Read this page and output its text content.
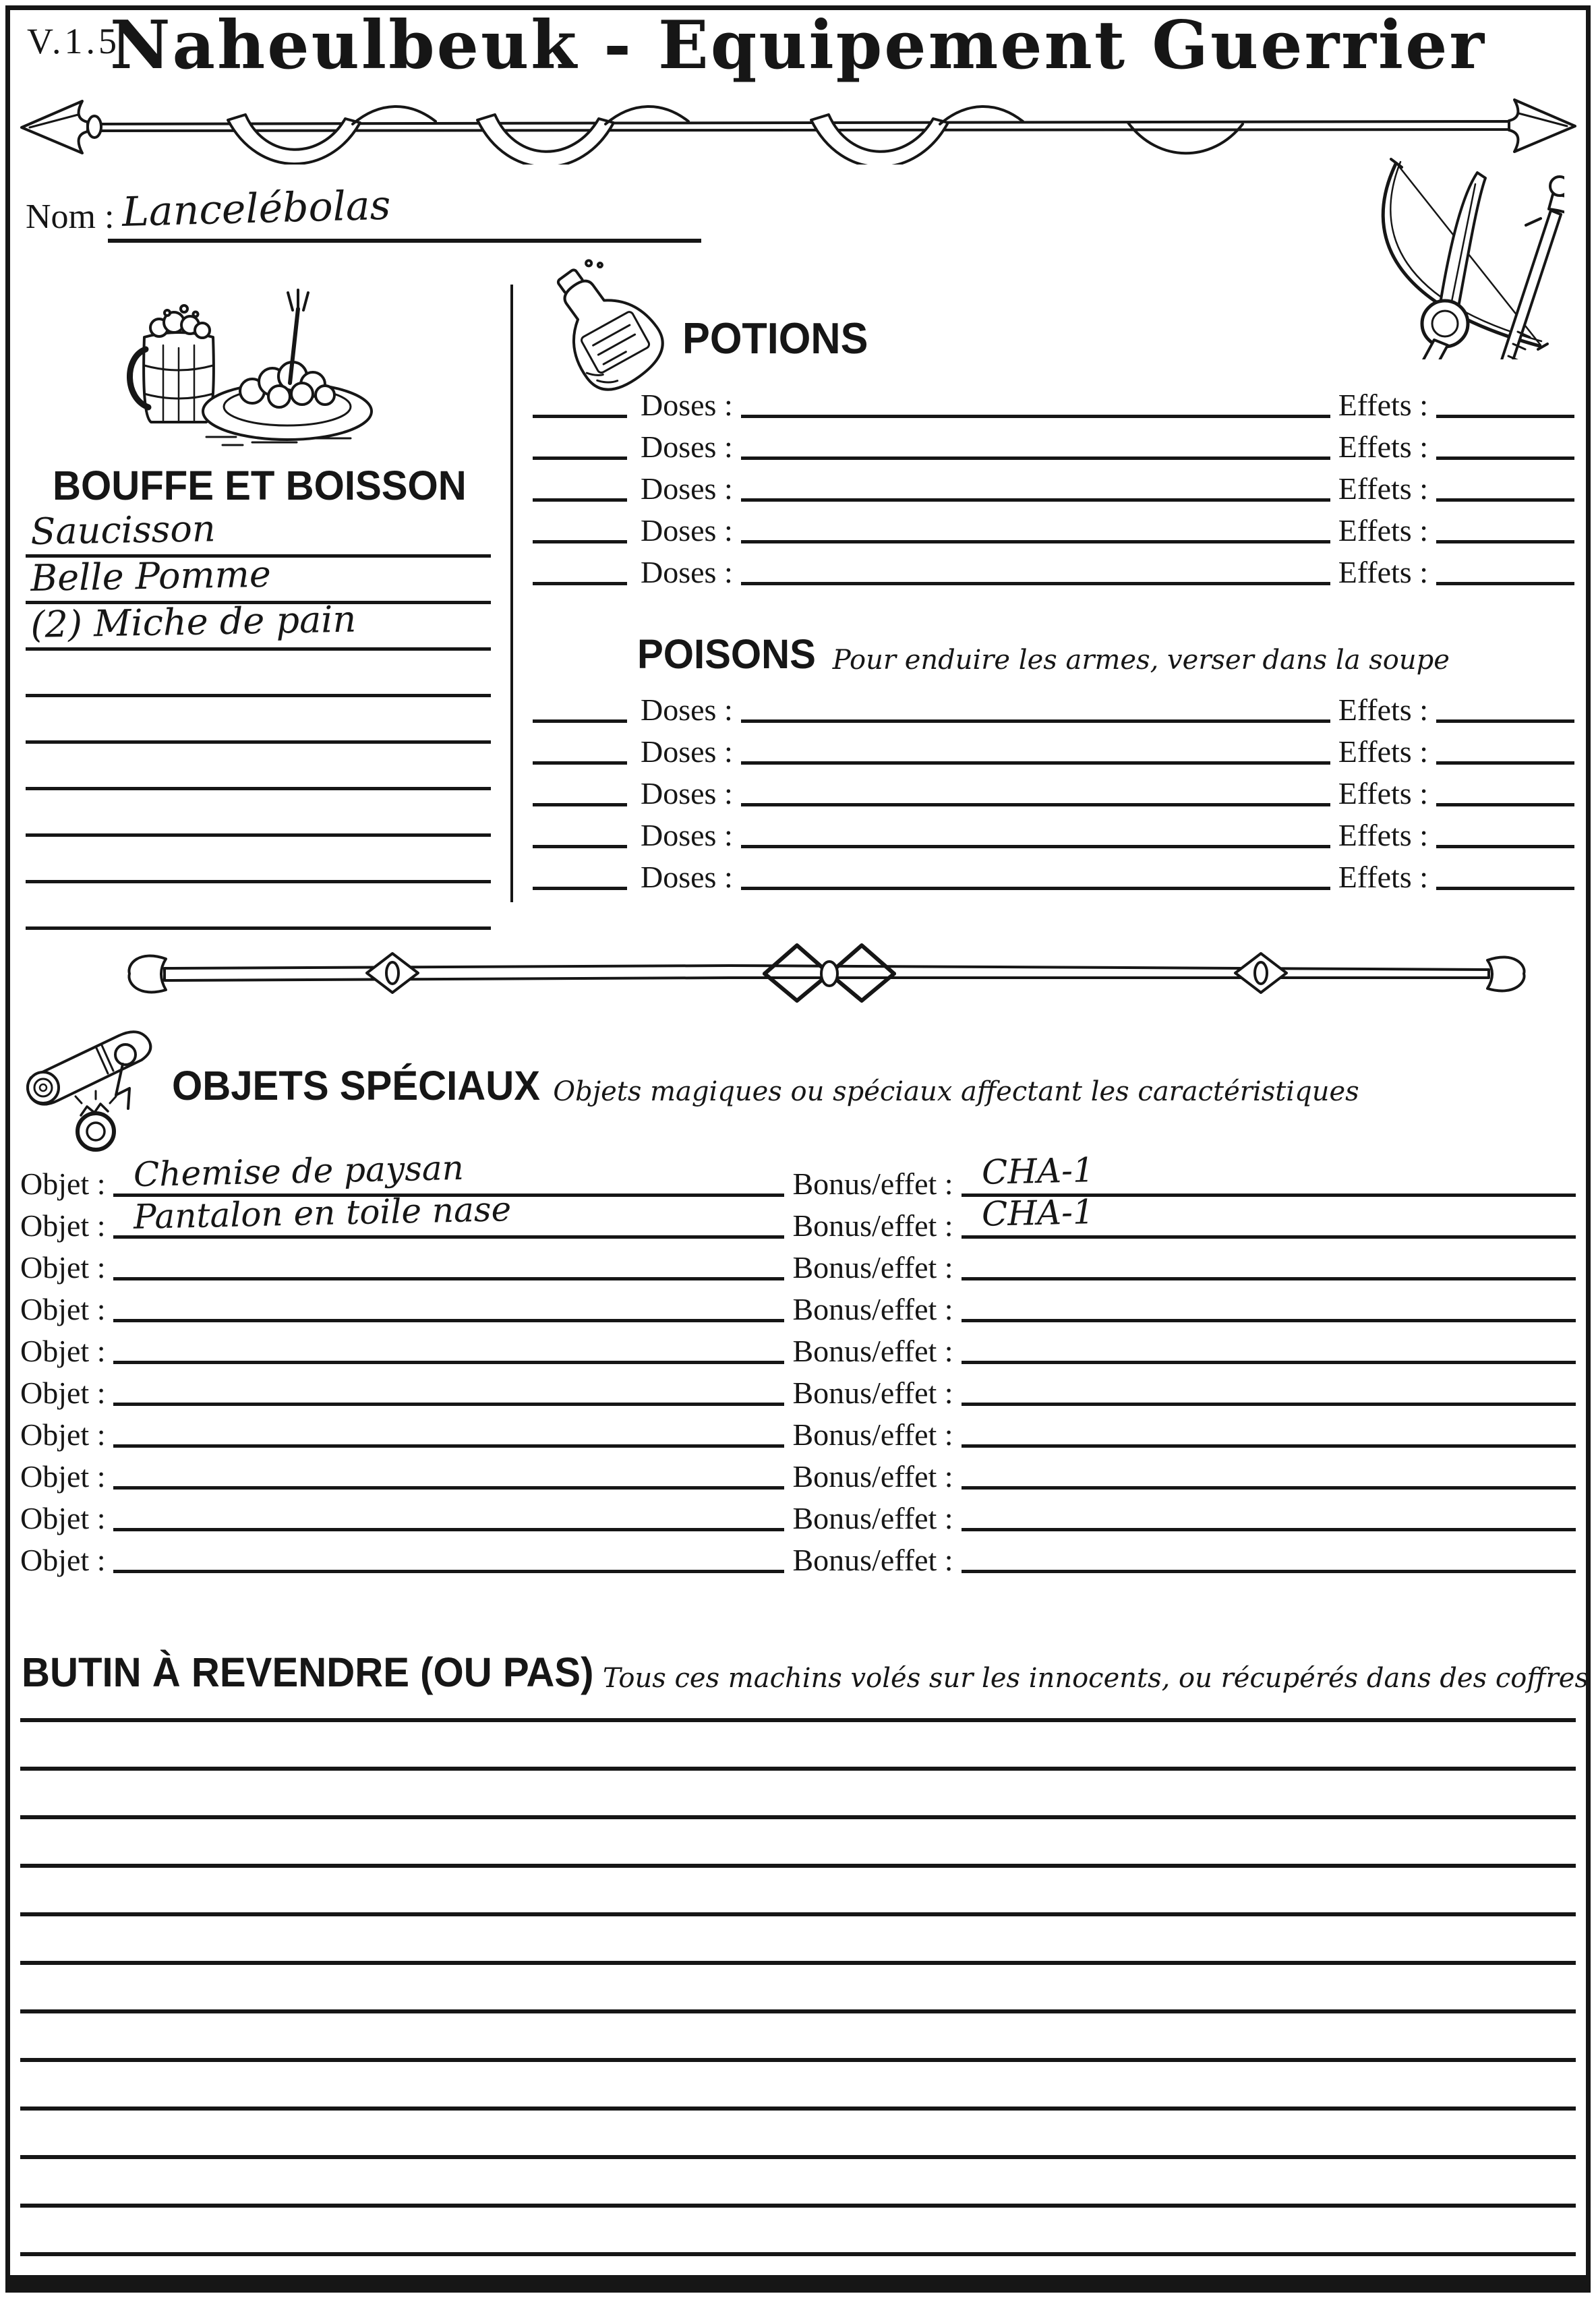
V.1.5
Naheulbeuk - Equipement Guerrier
Nom : Lancelébolas
BOUFFE ET BOISSON
Saucisson
Belle Pomme
(2) Miche de pain
POTIONS
Doses :	Effets :
Doses :	Effets :
Doses :	Effets :
Doses :	Effets :
Doses :	Effets :
POISONS Pour enduire les armes, verser dans la soupe
Doses :	Effets :
Doses :	Effets :
Doses :	Effets :
Doses :	Effets :
Doses :	Effets :
OBJETS SPÉCIAUX Objets magiques ou spéciaux affectant les caractéristiques
Objet : Chemise de paysan	Bonus/effet : CHA-1
Objet : Pantalon en toile nase	Bonus/effet : CHA-1
Objet :	Bonus/effet :
Objet :	Bonus/effet :
Objet :	Bonus/effet :
Objet :	Bonus/effet :
Objet :	Bonus/effet :
Objet :	Bonus/effet :
Objet :	Bonus/effet :
Objet :	Bonus/effet :
BUTIN À REVENDRE (OU PAS) Tous ces machins volés sur les innocents, ou récupérés dans des coffres
